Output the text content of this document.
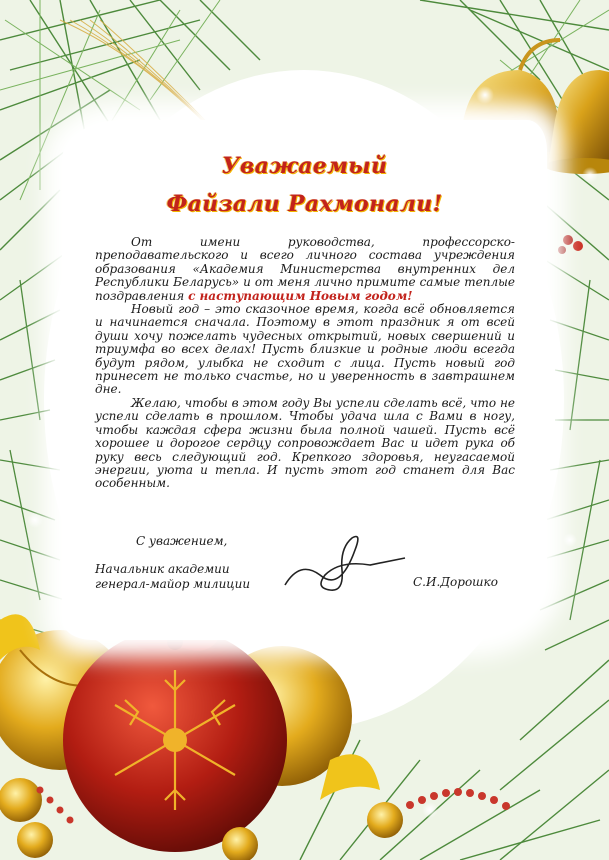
Уважаемый
Файзали Рахмонали!

От имени руководства, профессорско-преподавательского и всего личного состава учреждения образования «Академия Министерства внутренних дел Республики Беларусь» и от меня лично примите самые теплые поздравления с наступающим Новым годом!

Новый год – это сказочное время, когда всё обновляется и начинается сначала. Поэтому в этот праздник я от всей души хочу пожелать чудесных открытий, новых свершений и триумфа во всех делах! Пусть близкие и родные люди всегда будут рядом, улыбка не сходит с лица. Пусть новый год принесет не только счастье, но и уверенность в завтрашнем дне.

Желаю, чтобы в этом году Вы успели сделать всё, что не успели сделать в прошлом. Чтобы удача шла с Вами в ногу, чтобы каждая сфера жизни была полной чашей. Пусть всё хорошее и дорогое сердцу сопровождает Вас и идет рука об руку весь следующий год. Крепкого здоровья, неугасаемой энергии, уюта и тепла. И пусть этот год станет для Вас особенным.

С уважением,
Начальник академии
генерал-майор милиции	С.И.Дорошко
